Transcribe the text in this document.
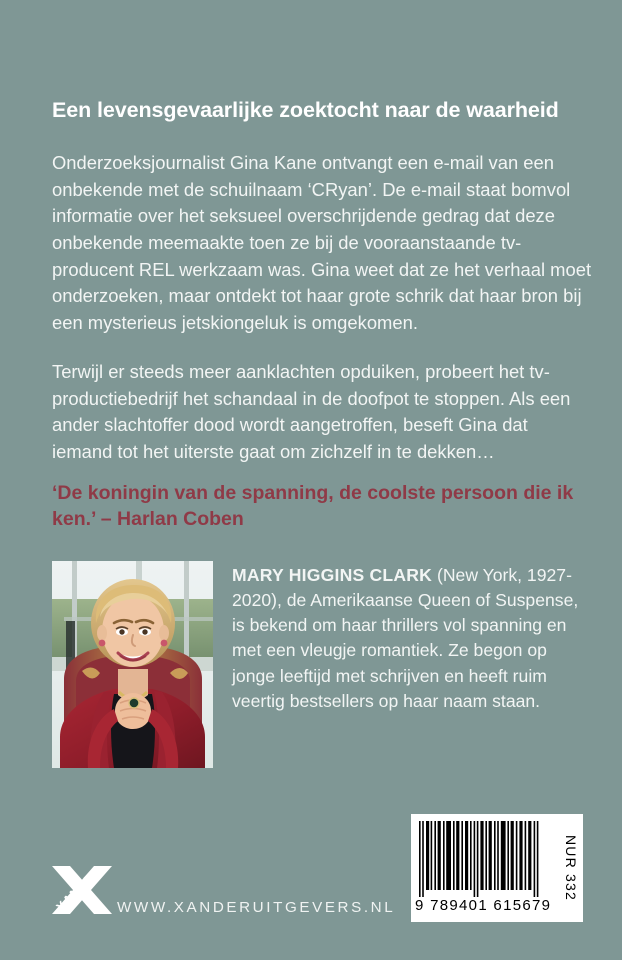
Een levensgevaarlijke zoektocht naar de waarheid

Onderzoeksjournalist Gina Kane ontvangt een e-mail van een onbekende met de schuilnaam ‘CRyan’. De e-mail staat bomvol informatie over het seksueel overschrijdende gedrag dat deze onbekende meemaakte toen ze bij de vooraanstaande tv-producent REL werkzaam was. Gina weet dat ze het verhaal moet onderzoeken, maar ontdekt tot haar grote schrik dat haar bron bij een mysterieus jetskiongeluk is omgekomen.

Terwijl er steeds meer aanklachten opduiken, probeert het tv-productiebedrijf het schandaal in de doofpot te stoppen. Als een ander slachtoffer dood wordt aangetroffen, beseft Gina dat iemand tot het uiterste gaat om zichzelf in te dekken…

‘De koningin van de spanning, de coolste persoon die ik ken.’ – Harlan Coben
MARY HIGGINS CLARK (New York, 1927-2020), de Amerikaanse Queen of Suspense, is bekend om haar thrillers vol spanning en met een vleugje romantiek. Ze begon op jonge leeftijd met schrijven en heeft ruim veertig bestsellers op haar naam staan.
9 789401 615679
NUR 332
XANDER WWW.XANDERUITGEVERS.NL
